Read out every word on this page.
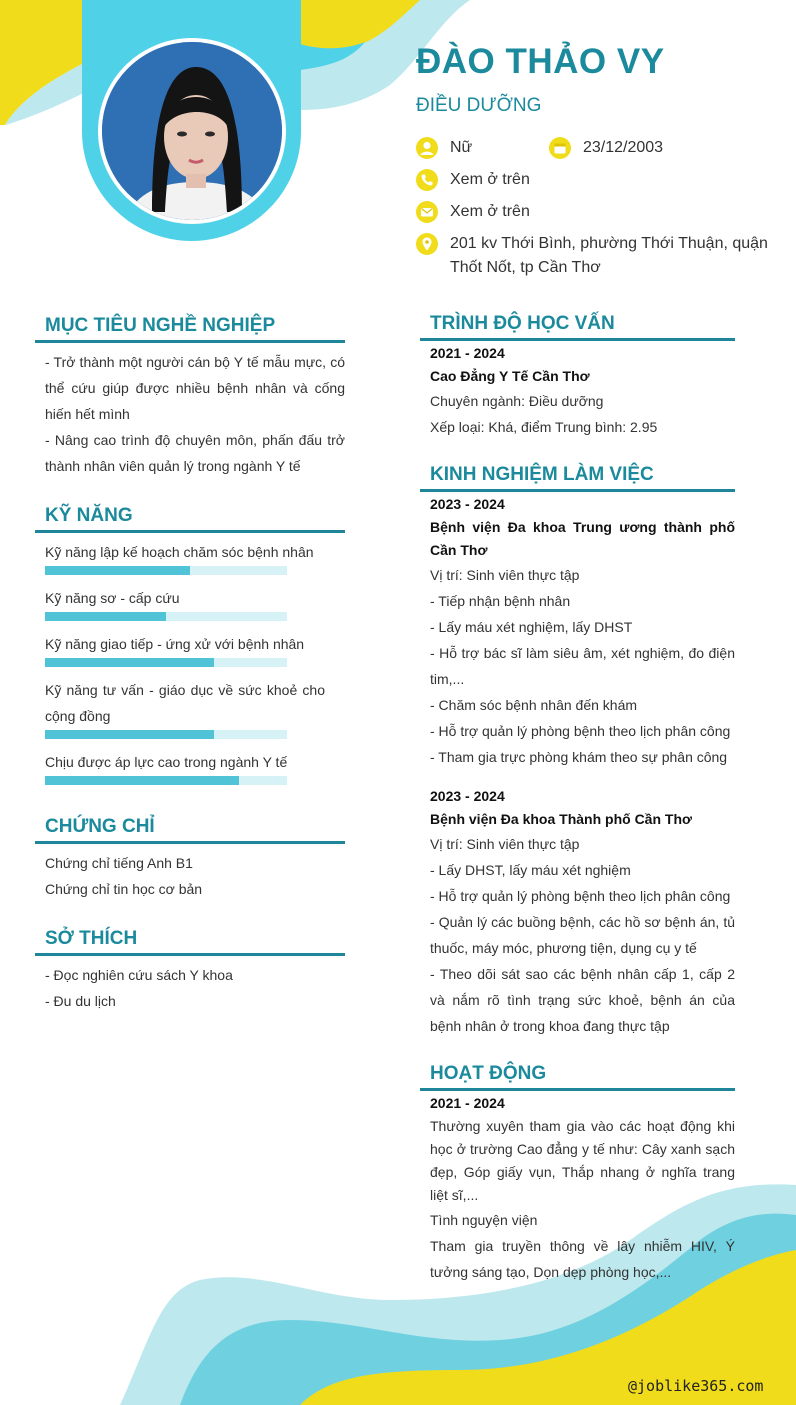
ĐÀO THẢO VY
ĐIỀU DƯỠNG
Nữ	23/12/2003
Xem ở trên
Xem ở trên
201 kv Thới Bình, phường Thới Thuận, quận
Thốt Nốt, tp Cần Thơ
MỤC TIÊU NGHỀ NGHIỆP
- Trở thành một người cán bộ Y tế mẫu mực, có thể cứu giúp được nhiều bệnh nhân và cống hiến hết mình
- Nâng cao trình độ chuyên môn, phấn đấu trở thành nhân viên quản lý trong ngành Y tế
KỸ NĂNG
Kỹ năng lập kế hoạch chăm sóc bệnh nhân
Kỹ năng sơ - cấp cứu
Kỹ năng giao tiếp - ứng xử với bệnh nhân
Kỹ năng tư vấn - giáo dục về sức khoẻ cho cộng đồng
Chịu được áp lực cao trong ngành Y tế
CHỨNG CHỈ
Chứng chỉ tiếng Anh B1
Chứng chỉ tin học cơ bản
SỞ THÍCH
- Đọc nghiên cứu sách Y khoa
- Đu du lịch
TRÌNH ĐỘ HỌC VẤN
2021 - 2024
Cao Đẳng Y Tế Cần Thơ
Chuyên ngành: Điều dưỡng
Xếp loại: Khá, điểm Trung bình: 2.95
KINH NGHIỆM LÀM VIỆC
2023 - 2024
Bệnh viện Đa khoa Trung ương thành phố Cần Thơ
Vị trí: Sinh viên thực tập
- Tiếp nhận bệnh nhân
- Lấy máu xét nghiệm, lấy DHST
- Hỗ trợ bác sĩ làm siêu âm, xét nghiệm, đo điện tim,...
- Chăm sóc bệnh nhân đến khám
- Hỗ trợ quản lý phòng bệnh theo lịch phân công
- Tham gia trực phòng khám theo sự phân công
2023 - 2024
Bệnh viện Đa khoa Thành phố Cần Thơ
Vị trí: Sinh viên thực tập
- Lấy DHST, lấy máu xét nghiệm
- Hỗ trợ quản lý phòng bệnh theo lịch phân công
- Quản lý các buồng bệnh, các hồ sơ bệnh án, tủ thuốc, máy móc, phương tiện, dụng cụ y tế
- Theo dõi sát sao các bệnh nhân cấp 1, cấp 2 và nắm rõ tình trạng sức khoẻ, bệnh án của bệnh nhân ở trong khoa đang thực tập
HOẠT ĐỘNG
2021 - 2024
Thường xuyên tham gia vào các hoạt động khi học ở trường Cao đẳng y tế như: Cây xanh sạch đẹp, Góp giấy vụn, Thắp nhang ở nghĩa trang liệt sĩ,...
Tình nguyện viện
Tham gia truyền thông về lây nhiễm HIV, Ý tưởng sáng tạo, Dọn dẹp phòng học,...
@joblike365.com
